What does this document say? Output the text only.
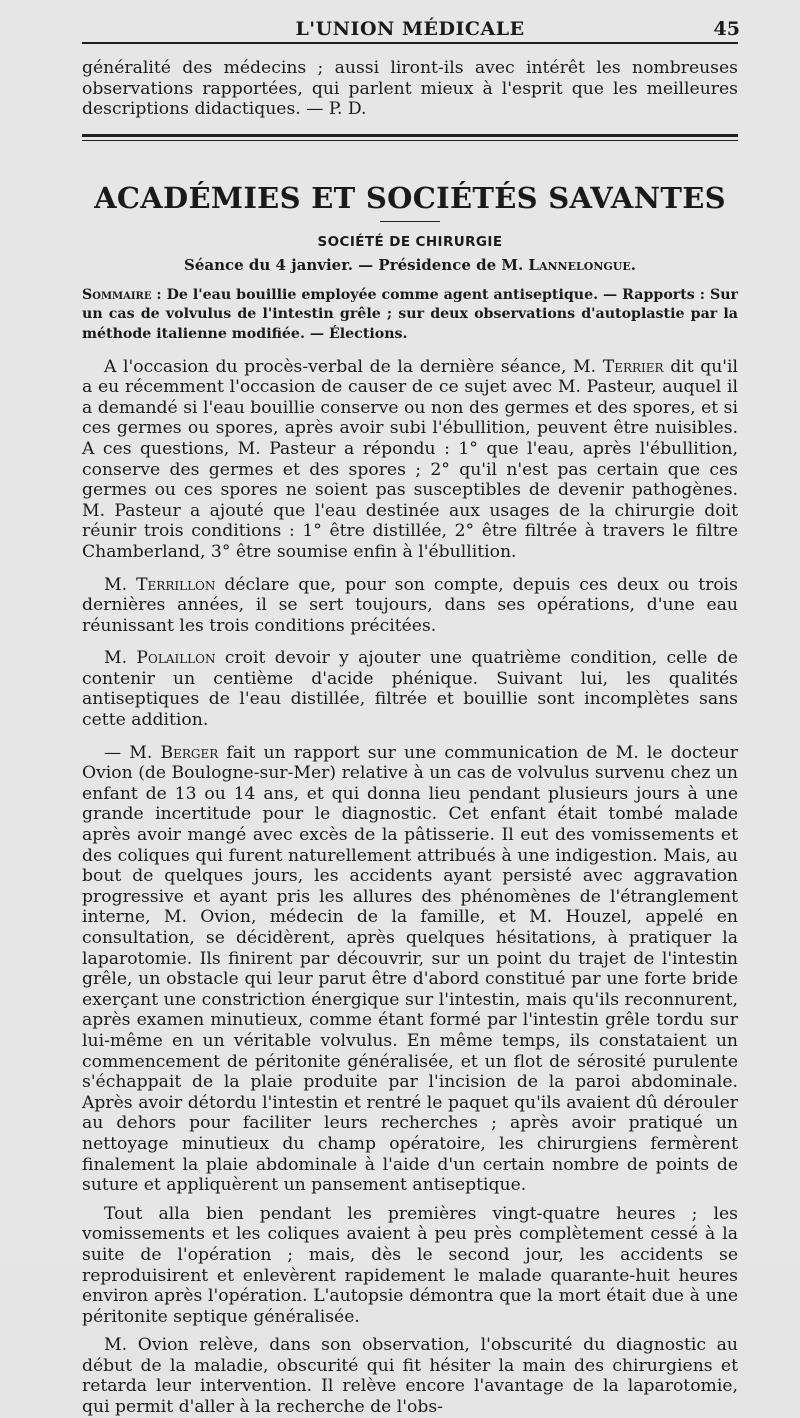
L'UNION MÉDICALE	45

généralité des médecins ; aussi liront-ils avec intérêt les nombreuses observations rapportées, qui parlent mieux à l'esprit que les meilleures descriptions didactiques. — P. D.

ACADÉMIES ET SOCIÉTÉS SAVANTES
SOCIÉTÉ DE CHIRURGIE
Séance du 4 janvier. — Présidence de M. Lannelongue.

Sommaire : De l'eau bouillie employée comme agent antiseptique. — Rapports : Sur un cas de volvulus de l'intestin grêle ; sur deux observations d'autoplastie par la méthode italienne modifiée. — Élections.

A l'occasion du procès-verbal de la dernière séance, M. Terrier dit qu'il a eu récemment l'occasion de causer de ce sujet avec M. Pasteur, auquel il a demandé si l'eau bouillie conserve ou non des germes et des spores, et si ces germes ou spores, après avoir subi l'ébullition, peuvent être nuisibles. A ces questions, M. Pasteur a répondu : 1° que l'eau, après l'ébullition, conserve des germes et des spores ; 2° qu'il n'est pas certain que ces germes ou ces spores ne soient pas susceptibles de devenir pathogènes. M. Pasteur a ajouté que l'eau destinée aux usages de la chirurgie doit réunir trois conditions : 1° être distillée, 2° être filtrée à travers le filtre Chamberland, 3° être soumise enfin à l'ébullition.

M. Terrillon déclare que, pour son compte, depuis ces deux ou trois dernières années, il se sert toujours, dans ses opérations, d'une eau réunissant les trois conditions précitées.

M. Polaillon croit devoir y ajouter une quatrième condition, celle de contenir un centième d'acide phénique. Suivant lui, les qualités antiseptiques de l'eau distillée, filtrée et bouillie sont incomplètes sans cette addition.

— M. Berger fait un rapport sur une communication de M. le docteur Ovion (de Boulogne-sur-Mer) relative à un cas de volvulus survenu chez un enfant de 13 ou 14 ans, et qui donna lieu pendant plusieurs jours à une grande incertitude pour le diagnostic. Cet enfant était tombé malade après avoir mangé avec excès de la pâtisserie. Il eut des vomissements et des coliques qui furent naturellement attribués à une indigestion. Mais, au bout de quelques jours, les accidents ayant persisté avec aggravation progressive et ayant pris les allures des phénomènes de l'étranglement interne, M. Ovion, médecin de la famille, et M. Houzel, appelé en consultation, se décidèrent, après quelques hésitations, à pratiquer la laparotomie. Ils finirent par découvrir, sur un point du trajet de l'intestin grêle, un obstacle qui leur parut être d'abord constitué par une forte bride exerçant une constriction énergique sur l'intestin, mais qu'ils reconnurent, après examen minutieux, comme étant formé par l'intestin grêle tordu sur lui-même en un véritable volvulus. En même temps, ils constataient un commencement de péritonite généralisée, et un flot de sérosité purulente s'échappait de la plaie produite par l'incision de la paroi abdominale. Après avoir détordu l'intestin et rentré le paquet qu'ils avaient dû dérouler au dehors pour faciliter leurs recherches ; après avoir pratiqué un nettoyage minutieux du champ opératoire, les chirurgiens fermèrent finalement la plaie abdominale à l'aide d'un certain nombre de points de suture et appliquèrent un pansement antiseptique.

Tout alla bien pendant les premières vingt-quatre heures ; les vomissements et les coliques avaient à peu près complètement cessé à la suite de l'opération ; mais, dès le second jour, les accidents se reproduisirent et enlevèrent rapidement le malade quarante-huit heures environ après l'opération. L'autopsie démontra que la mort était due à une péritonite septique généralisée.

M. Ovion relève, dans son observation, l'obscurité du diagnostic au début de la maladie, obscurité qui fit hésiter la main des chirurgiens et retarda leur intervention. Il relève encore l'avantage de la laparotomie, qui permit d'aller à la recherche de l'obs-
